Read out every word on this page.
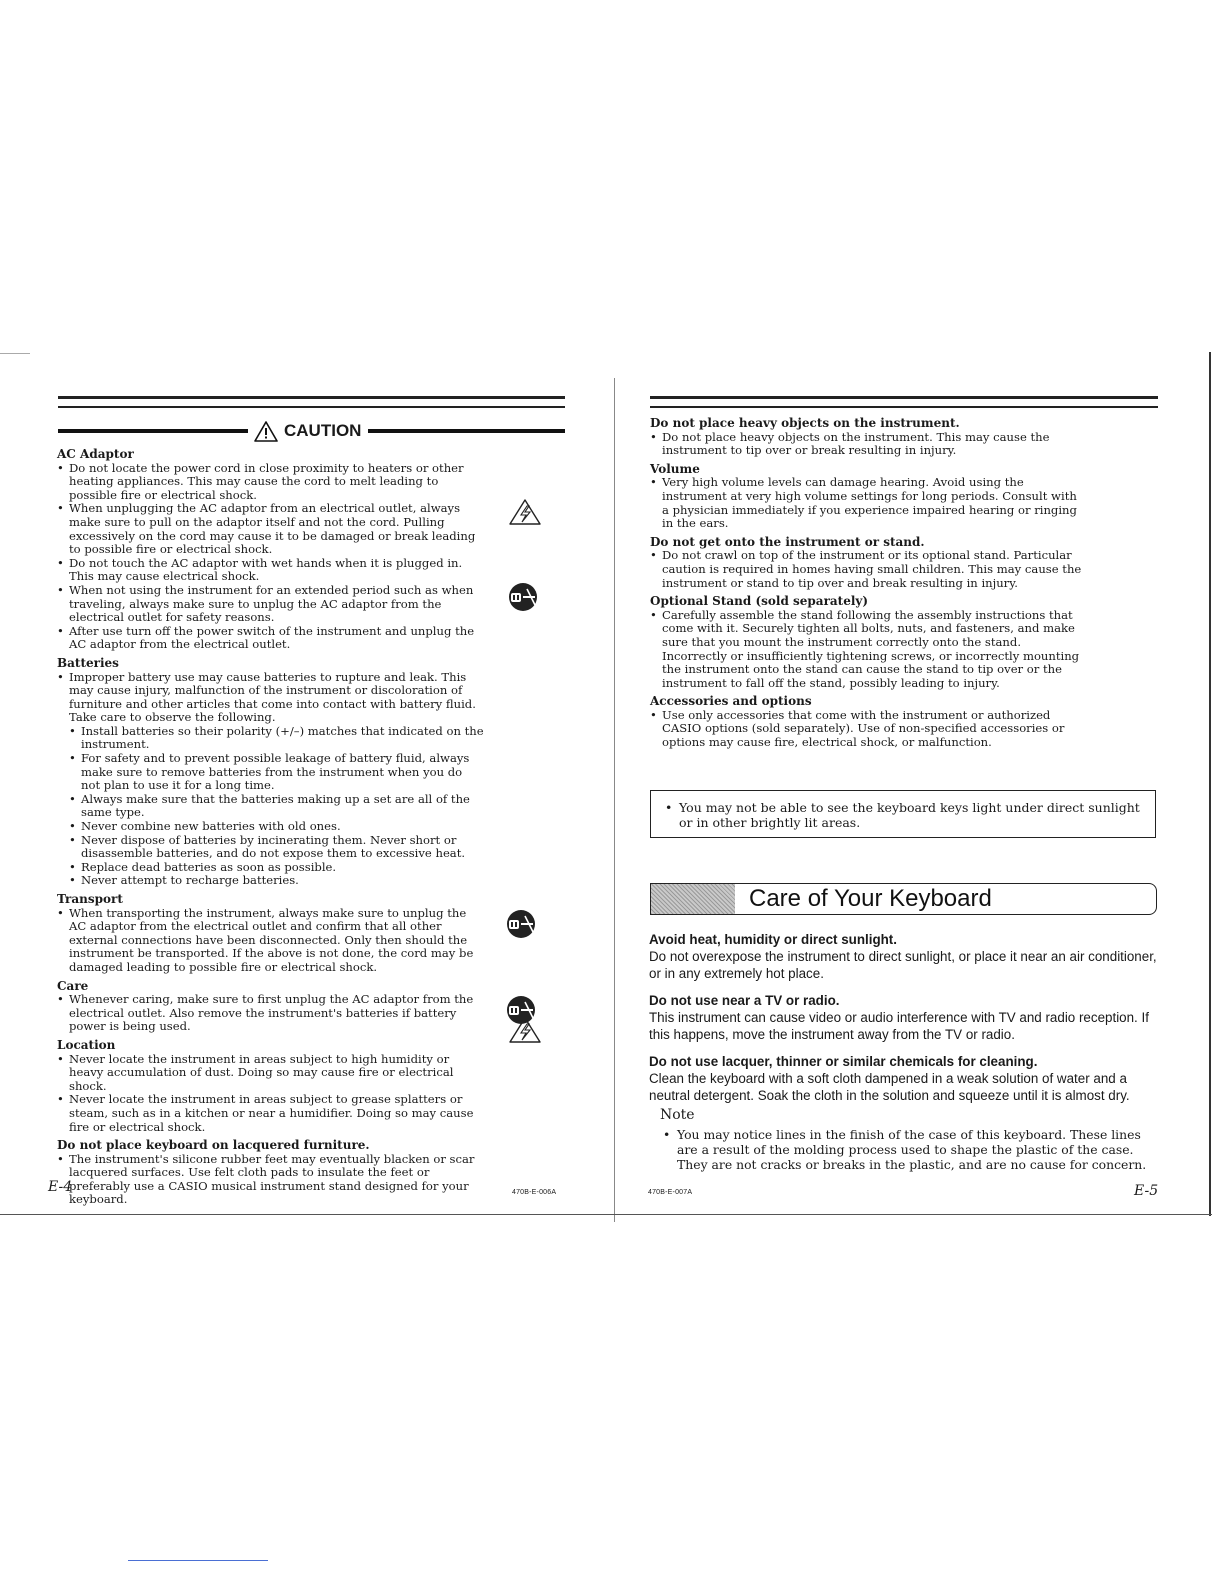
CAUTION
AC Adaptor
• Do not locate the power cord in close proximity to heaters or other heating appliances. This may cause the cord to melt leading to possible fire or electrical shock.
• When unplugging the AC adaptor from an electrical outlet, always make sure to pull on the adaptor itself and not the cord. Pulling excessively on the cord may cause it to be damaged or break leading to possible fire or electrical shock.
• Do not touch the AC adaptor with wet hands when it is plugged in. This may cause electrical shock.
• When not using the instrument for an extended period such as when traveling, always make sure to unplug the AC adaptor from the electrical outlet for safety reasons.
• After use turn off the power switch of the instrument and unplug the AC adaptor from the electrical outlet.
Batteries
• Improper battery use may cause batteries to rupture and leak. This may cause injury, malfunction of the instrument or discoloration of furniture and other articles that come into contact with battery fluid. Take care to observe the following.
• Install batteries so their polarity (+/–) matches that indicated on the instrument.
• For safety and to prevent possible leakage of battery fluid, always make sure to remove batteries from the instrument when you do not plan to use it for a long time.
• Always make sure that the batteries making up a set are all of the same type.
• Never combine new batteries with old ones.
• Never dispose of batteries by incinerating them. Never short or disassemble batteries, and do not expose them to excessive heat.
• Replace dead batteries as soon as possible.
• Never attempt to recharge batteries.
Transport
• When transporting the instrument, always make sure to unplug the AC adaptor from the electrical outlet and confirm that all other external connections have been disconnected. Only then should the instrument be transported. If the above is not done, the cord may be damaged leading to possible fire or electrical shock.
Care
• Whenever caring, make sure to first unplug the AC adaptor from the electrical outlet. Also remove the instrument's batteries if battery power is being used.
Location
• Never locate the instrument in areas subject to high humidity or heavy accumulation of dust. Doing so may cause fire or electrical shock.
• Never locate the instrument in areas subject to grease splatters or steam, such as in a kitchen or near a humidifier. Doing so may cause fire or electrical shock.
Do not place keyboard on lacquered furniture.
• The instrument's silicone rubber feet may eventually blacken or scar lacquered surfaces. Use felt cloth pads to insulate the feet or preferably use a CASIO musical instrument stand designed for your keyboard.
E-4	470B-E-006A
Do not place heavy objects on the instrument.
• Do not place heavy objects on the instrument. This may cause the instrument to tip over or break resulting in injury.
Volume
• Very high volume levels can damage hearing. Avoid using the instrument at very high volume settings for long periods. Consult with a physician immediately if you experience impaired hearing or ringing in the ears.
Do not get onto the instrument or stand.
• Do not crawl on top of the instrument or its optional stand. Particular caution is required in homes having small children. This may cause the instrument or stand to tip over and break resulting in injury.
Optional Stand (sold separately)
• Carefully assemble the stand following the assembly instructions that come with it. Securely tighten all bolts, nuts, and fasteners, and make sure that you mount the instrument correctly onto the stand. Incorrectly or insufficiently tightening screws, or incorrectly mounting the instrument onto the stand can cause the stand to tip over or the instrument to fall off the stand, possibly leading to injury.
Accessories and options
• Use only accessories that come with the instrument or authorized CASIO options (sold separately). Use of non-specified accessories or options may cause fire, electrical shock, or malfunction.
• You may not be able to see the keyboard keys light under direct sunlight or in other brightly lit areas.
Care of Your Keyboard
Avoid heat, humidity or direct sunlight.
Do not overexpose the instrument to direct sunlight, or place it near an air conditioner, or in any extremely hot place.
Do not use near a TV or radio.
This instrument can cause video or audio interference with TV and radio reception. If this happens, move the instrument away from the TV or radio.
Do not use lacquer, thinner or similar chemicals for cleaning.
Clean the keyboard with a soft cloth dampened in a weak solution of water and a neutral detergent. Soak the cloth in the solution and squeeze until it is almost dry.
Note
• You may notice lines in the finish of the case of this keyboard. These lines are a result of the molding process used to shape the plastic of the case. They are not cracks or breaks in the plastic, and are no cause for concern.
470B-E-007A	E-5
